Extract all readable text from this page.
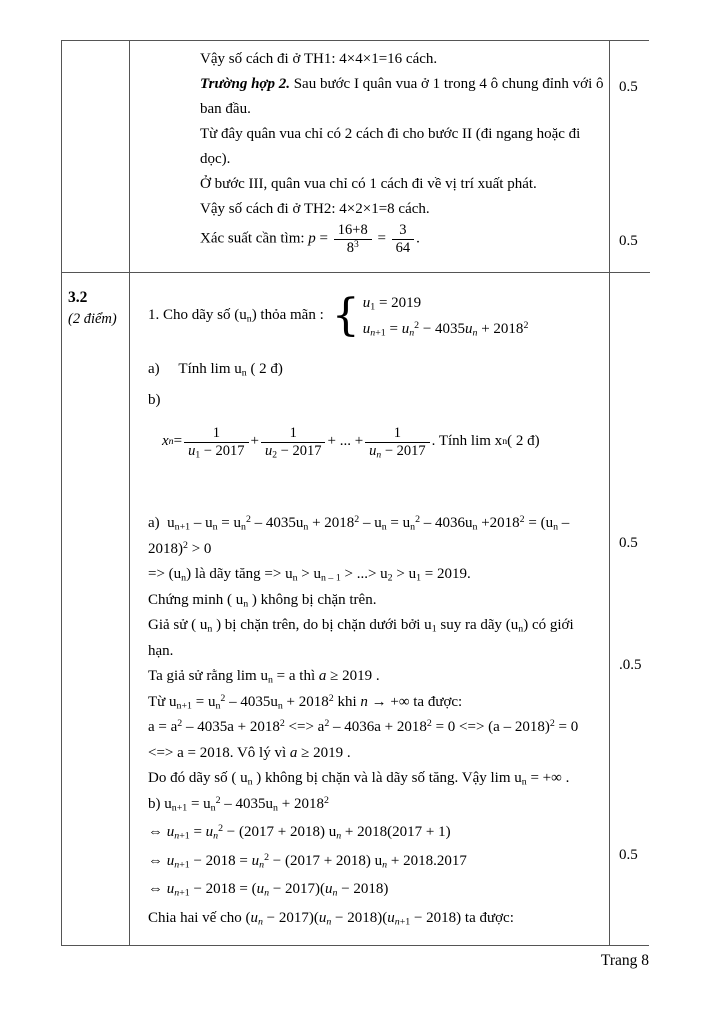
Vậy số cách đi ở TH1: 4×4×1=16 cách.

Trường hợp 2. Sau bước I quân vua ở 1 trong 4 ô chung đỉnh với ô ban đầu.

Từ đây quân vua chỉ có 2 cách đi cho bước II (đi ngang hoặc đi dọc).

Ở bước III, quân vua chỉ có 1 cách đi về vị trí xuất phát.

Vậy số cách đi ở TH2: 4×2×1=8 cách.

Xác suất cần tìm: $p = \frac{16+8}{8^3} = \frac{3}{64}$ .

0.5
0.5
3.2
(2 điểm)	1. Cho dãy số $(u_n)$ thỏa mãn : { $u_1 = 2019$
$u_{n+1} = u_n^2 - 4035u_n + 2018^2$

a)     Tính $\lim u_n$ ( 2 đ)

b)

x $n = \frac{1}{u_1 - 2017} + \frac{1}{u_2 - 2017}$ + ... + $\frac{1}{u_n - 2017}$ . Tính lim x n ( 2 đ)

a)  $u_{n+1} - u_n = u_n^2 - 4035u_n + 2018^2 - u_n = u_n^2 - 4036u_n +2018^2 = (u_n - 2018)^2 > 0$

=> $(u_n)$ là dãy tăng => $u_n > u_{n - 1}$ > ...> $u_2 > u_1 = 2019$.

Chứng minh ( $u_n$ ) không bị chặn trên.

Giả sử ( $u_n$ ) bị chặn trên, do bị chặn dưới bởi $u_1$ suy ra dãy $(u_n)$ có giới hạn.

Ta giả sử rằng $\lim u_n = a$ thì a ≥ 2019 .

Từ $u_{n+1} = u_n^2 - 4035u_n + 2018^2$ khi n → +∞ ta được:

$a = a^2 - 4035a + 2018^2$ <=> $a^2 - 4036a + 2018^2 = 0$ <=> (a – 2018)$^2$ = 0

<=> a = 2018. Vô lý vì a ≥ 2019 .

Do đó dãy số ( $u_n$ ) không bị chặn và là dãy số tăng. Vậy $\lim u_n$ = +∞ .

b) $u_{n+1} = u_n^2 - 4035u_n + 2018^2$

⇔ $u_{n+1} = u_n^2 - (2017 + 2018) u_n + 2018(2017 + 1)$

⇔ $u_{n+1} - 2018 = u_n^2 - (2017 + 2018) u_n + 2018.2017$

⇔ $u_{n+1} - 2018 = (u_n - 2017)(u_n - 2018)$

Chia hai vế cho $(u_n - 2017)(u_n - 2018)(u_{n+1} - 2018)$ ta được:

0.5
.0.5
0.5
Trang 8
